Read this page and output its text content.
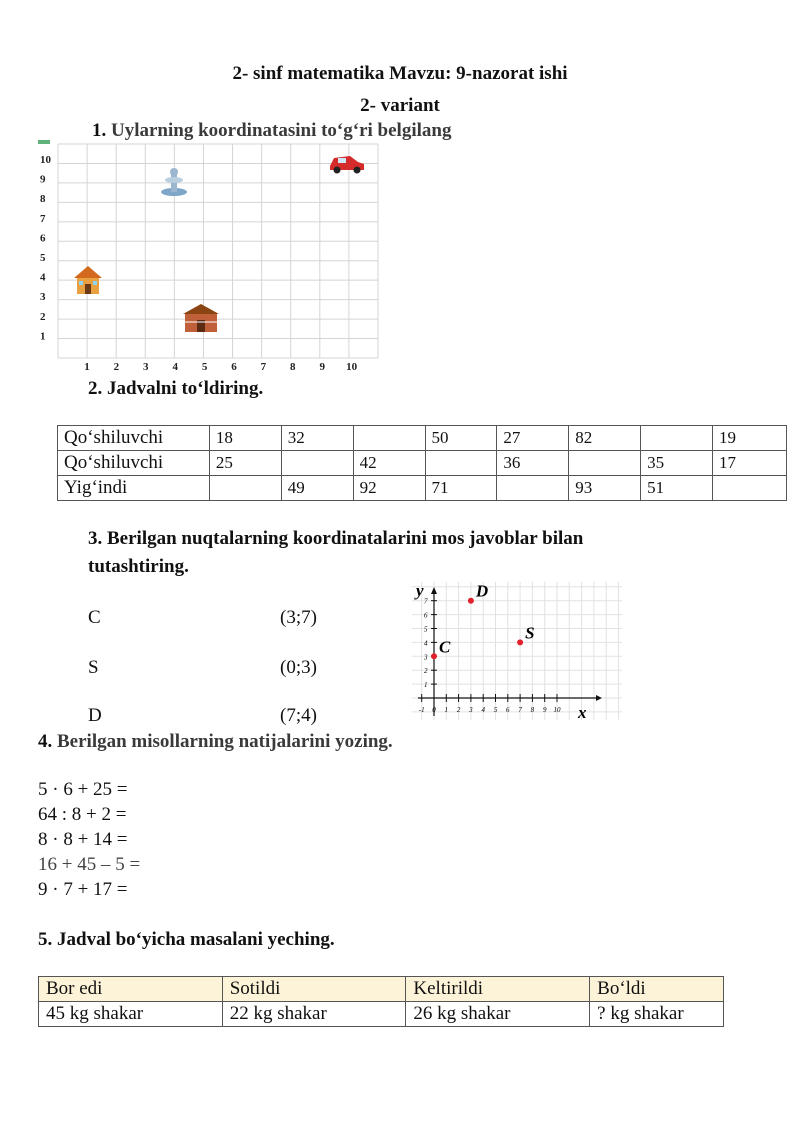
2- sinf matematika Mavzu: 9-nazorat ishi
2- variant
1. Uylarning koordinatasini to‘g‘ri belgilang
1 2 3 4 5 6 7 8 9 10
10
9
8
7
6
5
4
3
2
1
2. Jadvalni to‘ldiring.
Qo‘shiluvchi	18	32		50	27	82		19
Qo‘shiluvchi	25		42		36		35	17
Yig‘indi		49	92	71		93	51	
3. Berilgan nuqtalarning koordinatalarini mos javoblar bilan
tutashtiring.
C	(3;7)
S	(0;3)
D	(7;4)	-1 0 1 2 3 4 5 6 7 8 9 10
1
2
3
4
5
6
7
x
y	D
S
C
4. Berilgan misollarning natijalarini yozing.
5 · 6 + 25 =
64 : 8 + 2 =
8 · 8 + 14 =
16 + 45 – 5 =
9 · 7 + 17 =
5. Jadval bo‘yicha masalani yeching.
Bor edi	Sotildi	Keltirildi	Bo‘ldi
45 kg shakar	22 kg shakar	26 kg shakar	? kg shakar
